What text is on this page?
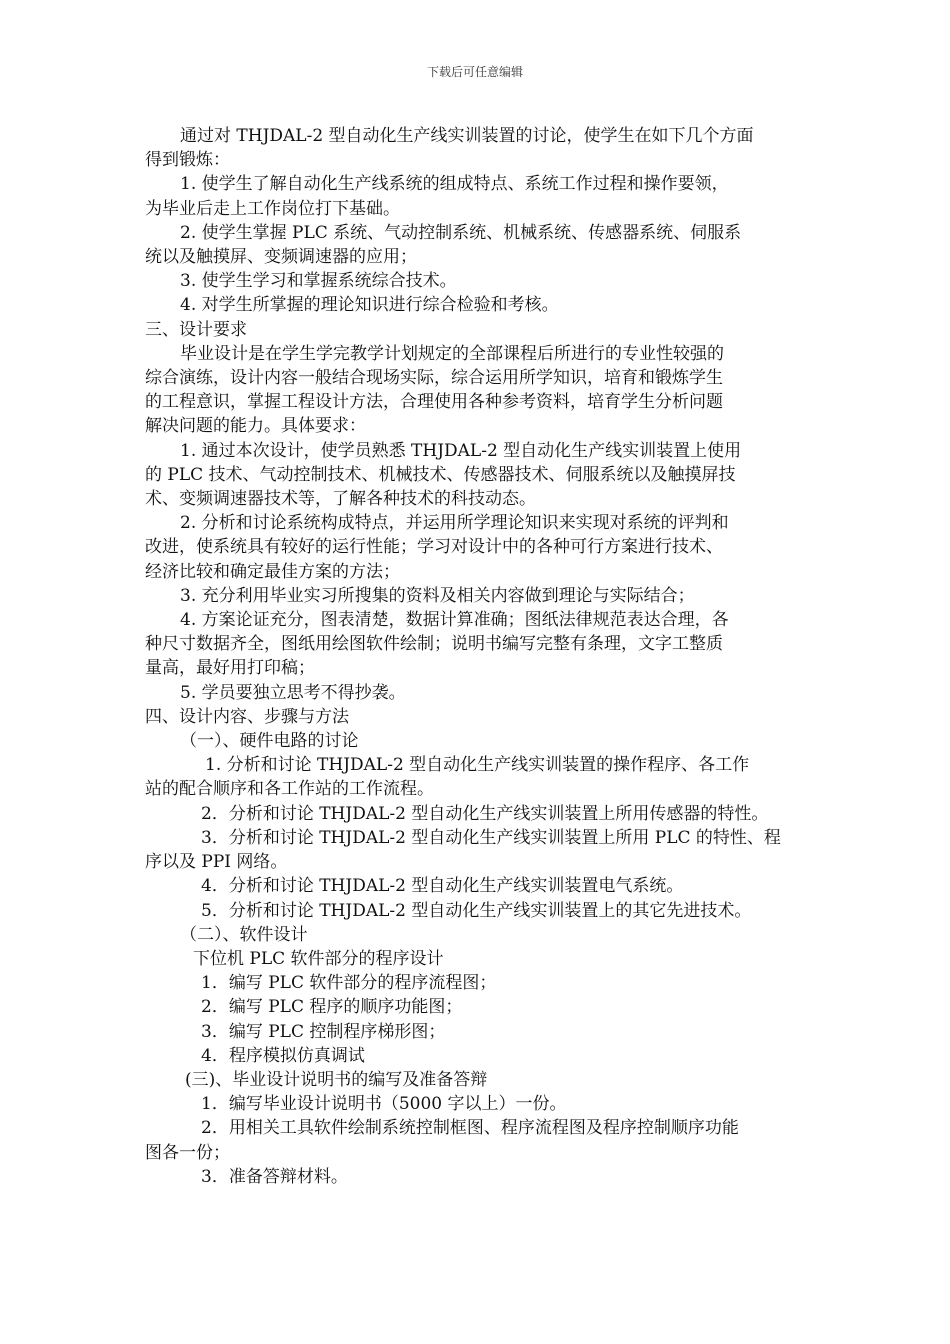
下载后可任意编辑
通过对 THJDAL-2 型自动化生产线实训装置的讨论，使学生在如下几个方面
得到锻炼：
1. 使学生了解自动化生产线系统的组成特点、系统工作过程和操作要领，
为毕业后走上工作岗位打下基础。
2. 使学生掌握 PLC 系统、气动控制系统、机械系统、传感器系统、伺服系
统以及触摸屏、变频调速器的应用；
3. 使学生学习和掌握系统综合技术。
4. 对学生所掌握的理论知识进行综合检验和考核。
三、设计要求
毕业设计是在学生学完教学计划规定的全部课程后所进行的专业性较强的
综合演练，设计内容一般结合现场实际，综合运用所学知识，培育和锻炼学生
的工程意识，掌握工程设计方法，合理使用各种参考资料，培育学生分析问题
解决问题的能力。具体要求：
1. 通过本次设计，使学员熟悉 THJDAL-2 型自动化生产线实训装置上使用
的 PLC 技术、气动控制技术、机械技术、传感器技术、伺服系统以及触摸屏技
术、变频调速器技术等，了解各种技术的科技动态。
2. 分析和讨论系统构成特点，并运用所学理论知识来实现对系统的评判和
改进，使系统具有较好的运行性能；学习对设计中的各种可行方案进行技术、
经济比较和确定最佳方案的方法；
3. 充分利用毕业实习所搜集的资料及相关内容做到理论与实际结合；
4. 方案论证充分，图表清楚，数据计算准确；图纸法律规范表达合理，各
种尺寸数据齐全，图纸用绘图软件绘制；说明书编写完整有条理，文字工整质
量高，最好用打印稿；
5. 学员要独立思考不得抄袭。
四、设计内容、步骤与方法
（一）、硬件电路的讨论
1. 分析和讨论 THJDAL-2 型自动化生产线实训装置的操作程序、各工作
站的配合顺序和各工作站的工作流程。
2．分析和讨论 THJDAL-2 型自动化生产线实训装置上所用传感器的特性。
3．分析和讨论 THJDAL-2 型自动化生产线实训装置上所用 PLC 的特性、程
序以及 PPI 网络。
4．分析和讨论 THJDAL-2 型自动化生产线实训装置电气系统。
5．分析和讨论 THJDAL-2 型自动化生产线实训装置上的其它先进技术。
（二）、软件设计
下位机 PLC 软件部分的程序设计
1．编写 PLC 软件部分的程序流程图；
2．编写 PLC 程序的顺序功能图；
3．编写 PLC 控制程序梯形图；
4．程序模拟仿真调试
(三)、毕业设计说明书的编写及准备答辩
1．编写毕业设计说明书（5000 字以上）一份。
2．用相关工具软件绘制系统控制框图、程序流程图及程序控制顺序功能
图各一份；
3．准备答辩材料。
